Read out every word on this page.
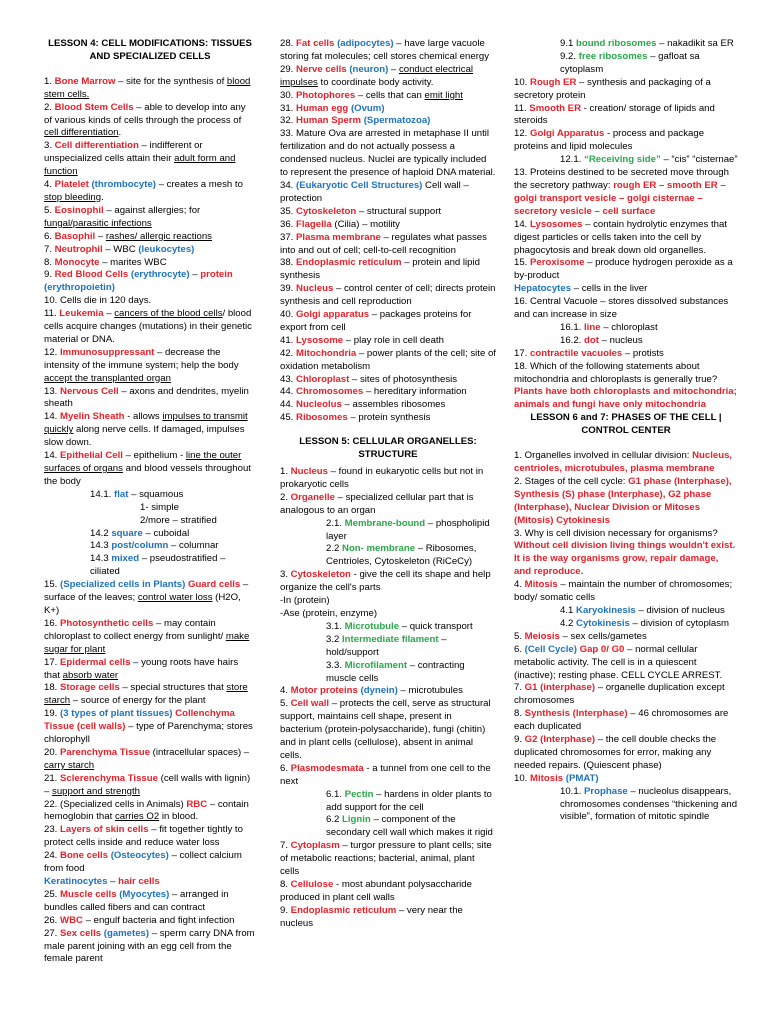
LESSON 4: CELL MODIFICATIONS: TISSUES AND SPECIALIZED CELLS

1. Bone Marrow – site for the synthesis of blood stem cells.

2. Blood Stem Cells – able to develop into any of various kinds of cells through the process of cell differentiation.

3. Cell differentiation – indifferent or unspecialized cells attain their adult form and function

4. Platelet (thrombocyte) – creates a mesh to stop bleeding.

5. Eosinophil – against allergies; for fungal/parasitic infections

6. Basophil – rashes/ allergic reactions

7. Neutrophil – WBC (leukocytes)

8. Monocyte – marites WBC

9. Red Blood Cells (erythrocyte) – protein (erythropoietin)

10. Cells die in 120 days.

11. Leukemia – cancers of the blood cells/ blood cells acquire changes (mutations) in their genetic material or DNA.

12. Immunosuppressant – decrease the intensity of the immune system; help the body accept the transplanted organ

13. Nervous Cell – axons and dendrites, myelin sheath

14. Myelin Sheath - allows impulses to transmit quickly along nerve cells. If damaged, impulses slow down.

14. Epithelial Cell – epithelium - line the outer surfaces of organs and blood vessels throughout the body

14.1. flat – squamous

1- simple

2/more – stratified

14.2 square – cuboidal

14.3 post/column – columnar

14.3 mixed – pseudostratified – ciliated

15. (Specialized cells in Plants) Guard cells – surface of the leaves; control water loss (H2O, K+)

16. Photosynthetic cells – may contain chloroplast to collect energy from sunlight/ make sugar for plant

17. Epidermal cells – young roots have hairs that absorb water

18. Storage cells – special structures that store starch – source of energy for the plant

19. (3 types of plant tissues) Collenchyma Tissue (cell walls) – type of Parenchyma; stores chlorophyll

20. Parenchyma Tissue (intracellular spaces) – carry starch

21. Sclerenchyma Tissue (cell walls with lignin) – support and strength

22. (Specialized cells in Animals) RBC – contain hemoglobin that carries O2 in blood.

23. Layers of skin cells – fit together tightly to protect cells inside and reduce water loss

24. Bone cells (Osteocytes) – collect calcium from food

Keratinocytes – hair cells

25. Muscle cells (Myocytes) – arranged in bundles called fibers and can contract

26. WBC – engulf bacteria and fight infection

27. Sex cells (gametes) – sperm carry DNA from male parent joining with an egg cell from the female parent

28. Fat cells (adipocytes) – have large vacuole storing fat molecules; cell stores chemical energy

29. Nerve cells (neuron) – conduct electrical impulses to coordinate body activity.

30. Photophores – cells that can emit light

31. Human egg (Ovum)

32. Human Sperm (Spermatozoa)

33. Mature Ova are arrested in metaphase II until fertilization and do not actually possess a condensed nucleus. Nuclei are typically included to represent the presence of haploid DNA material.

34. (Eukaryotic Cell Structures) Cell wall – protection

35. Cytoskeleton – structural support

36. Flagella (Cilia) – motility

37. Plasma membrane – regulates what passes into and out of cell; cell-to-cell recognition

38. Endoplasmic reticulum – protein and lipid synthesis

39. Nucleus – control center of cell; directs protein synthesis and cell reproduction

40. Golgi apparatus – packages proteins for export from cell

41. Lysosome – play role in cell death

42. Mitochondria – power plants of the cell; site of oxidation metabolism

43. Chloroplast – sites of photosynthesis

44. Chromosomes – hereditary information

44. Nucleolus – assembles ribosomes

45. Ribosomes – protein synthesis

LESSON 5: CELLULAR ORGANELLES: STRUCTURE

1. Nucleus – found in eukaryotic cells but not in prokaryotic cells

2. Organelle – specialized cellular part that is analogous to an organ

2.1. Membrane-bound – phospholipid layer

2.2 Non- membrane – Ribosomes, Centrioles, Cytoskeleton (RiCeCy)

3. Cytoskeleton - give the cell its shape and help organize the cell's parts

-In (protein)

-Ase (protein, enzyme)

3.1. Microtubule – quick transport

3.2 Intermediate filament – hold/support

3.3. Microfilament – contracting muscle cells

4. Motor proteins (dynein) – microtubules

5. Cell wall – protects the cell, serve as structural support, maintains cell shape, present in bacterium (protein-polysaccharide), fungi (chitin) and in plant cells (cellulose), absent in animal cells.

6. Plasmodesmata - a tunnel from one cell to the next

6.1. Pectin – hardens in older plants to add support for the cell

6.2 Lignin – component of the secondary cell wall which makes it rigid

7. Cytoplasm – turgor pressure to plant cells; site of metabolic reactions; bacterial, animal, plant cells

8. Cellulose - most abundant polysaccharide produced in plant cell walls

9. Endoplasmic reticulum – very near the nucleus

9.1 bound ribosomes – nakadikit sa ER

9.2. free ribosomes – gafloat sa cytoplasm

10. Rough ER – synthesis and packaging of a secretory protein

11. Smooth ER - creation/ storage of lipids and steroids

12. Golgi Apparatus - process and package proteins and lipid molecules

12.1. “Receiving side” – “cis” “cisternae”

13. Proteins destined to be secreted move through the secretory pathway: rough ER – smooth ER – golgi transport vesicle – golgi cisternae – secretory vesicle – cell surface

14. Lysosomes – contain hydrolytic enzymes that digest particles or cells taken into the cell by phagocytosis and break down old organelles.

15. Peroxisome – produce hydrogen peroxide as a by-product

Hepatocytes – cells in the liver

16. Central Vacuole – stores dissolved substances and can increase in size

16.1. line – chloroplast

16.2. dot – nucleus

17. contractile vacuoles – protists

18. Which of the following statements about mitochondria and chloroplasts is generally true? Plants have both chloroplasts and mitochondria; animals and fungi have only mitochondria

LESSON 6 and 7: PHASES OF THE CELL | CONTROL CENTER

1. Organelles involved in cellular division: Nucleus, centrioles, microtubules, plasma membrane

2. Stages of the cell cycle: G1 phase (Interphase), Synthesis (S) phase (Interphase), G2 phase (Interphase), Nuclear Division or Mitoses (Mitosis) Cytokinesis

3. Why is cell division necessary for organisms? Without cell division living things wouldn't exist. It is the way organisms grow, repair damage, and reproduce.

4. Mitosis – maintain the number of chromosomes; body/ somatic cells

4.1 Karyokinesis – division of nucleus

4.2 Cytokinesis – division of cytoplasm

5. Meiosis – sex cells/gametes

6. (Cell Cycle) Gap 0/ G0 – normal cellular metabolic activity. The cell is in a quiescent (inactive); resting phase. CELL CYCLE ARREST.

7. G1 (interphase) – organelle duplication except chromosomes

8. Synthesis (Interphase) – 46 chromosomes are each duplicated

9. G2 (Interphase) – the cell double checks the duplicated chromosomes for error, making any needed repairs. (Quiescent phase)

10. Mitosis (PMAT)

10.1. Prophase – nucleolus disappears, chromosomes condenses “thickening and visible”, formation of mitotic spindle
